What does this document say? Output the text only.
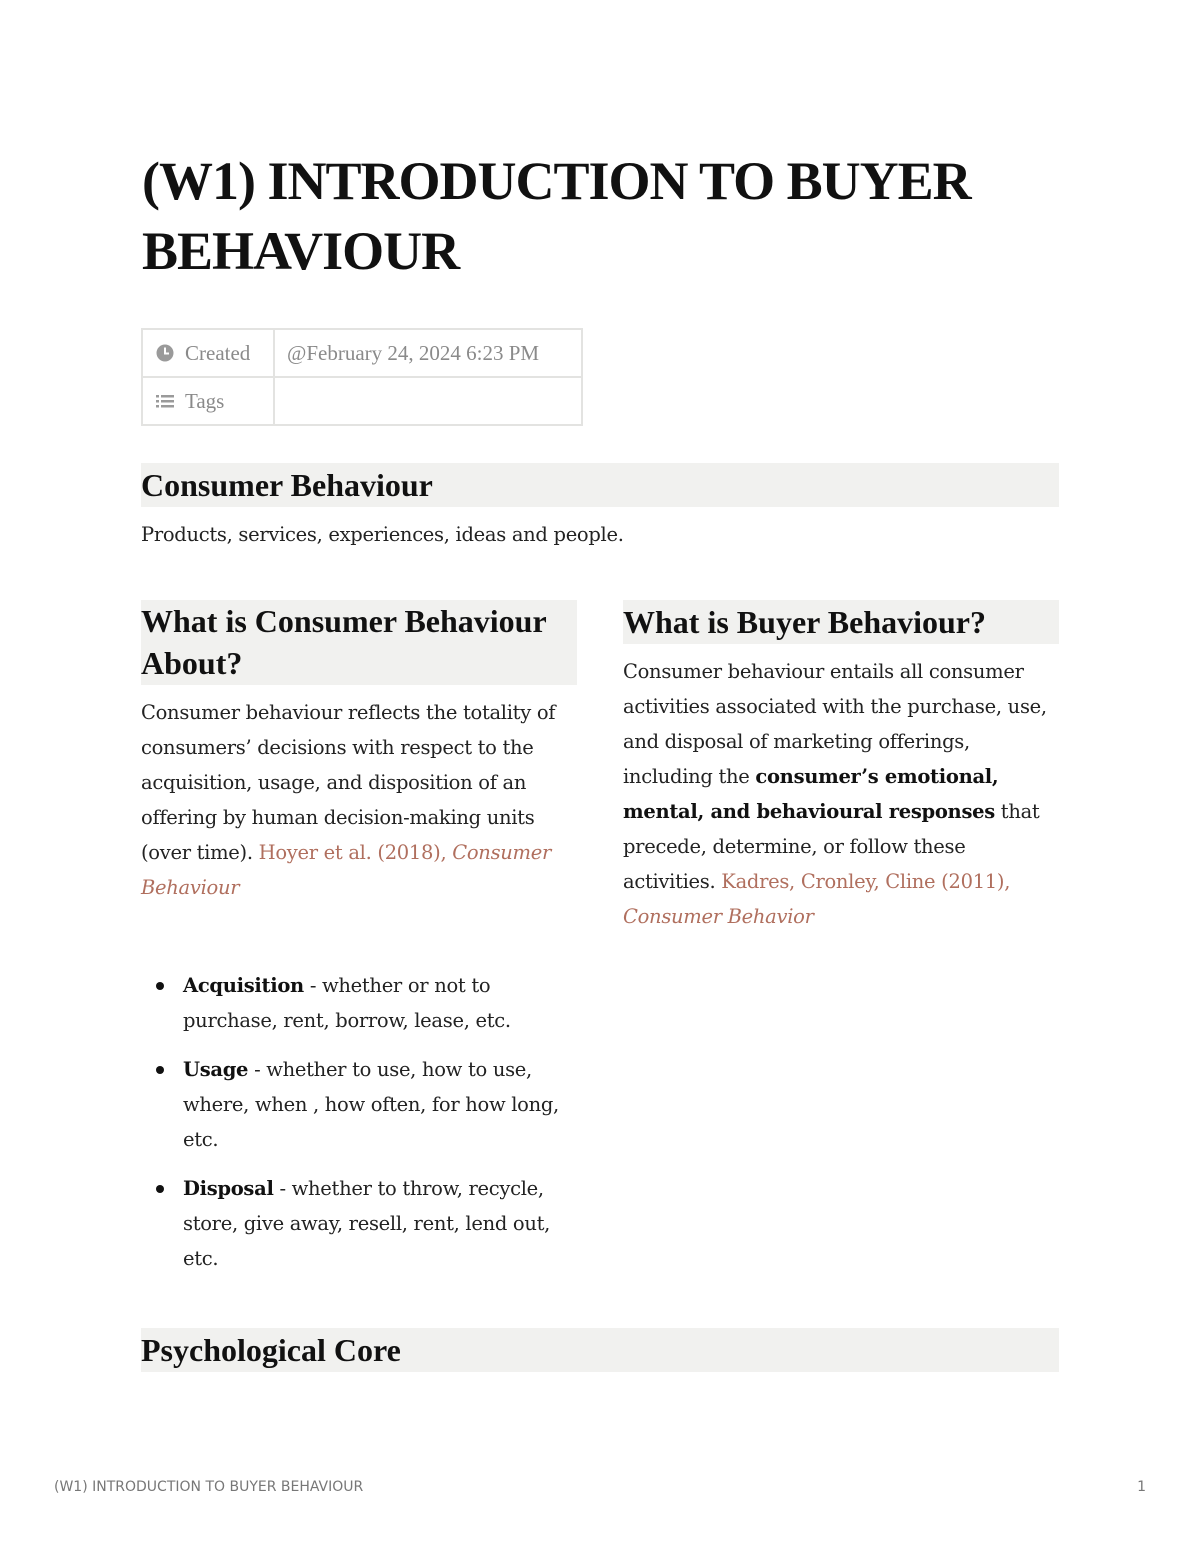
(W1) INTRODUCTION TO BUYER BEHAVIOUR
Created	@February 24, 2024 6:23 PM

Tags	

Consumer Behaviour

Products, services, experiences, ideas and people.

What is Consumer Behaviour About?

Consumer behaviour reflects the totality of consumers’ decisions with respect to the acquisition, usage, and disposition of an offering by human decision-making units (over time). Hoyer et al. (2018), Consumer Behaviour

What is Buyer Behaviour?

Consumer behaviour entails all consumer activities associated with the purchase, use, and disposal of marketing offerings, including the consumer’s emotional, mental, and behavioural responses that precede, determine, or follow these activities. Kadres, Cronley, Cline (2011), Consumer Behavior

Acquisition - whether or not to purchase, rent, borrow, lease, etc.
Usage - whether to use, how to use, where, when , how often, for how long, etc.
Disposal - whether to throw, recycle, store, give away, resell, rent, lend out, etc.
Psychological Core
(W1) INTRODUCTION TO BUYER BEHAVIOUR	1
